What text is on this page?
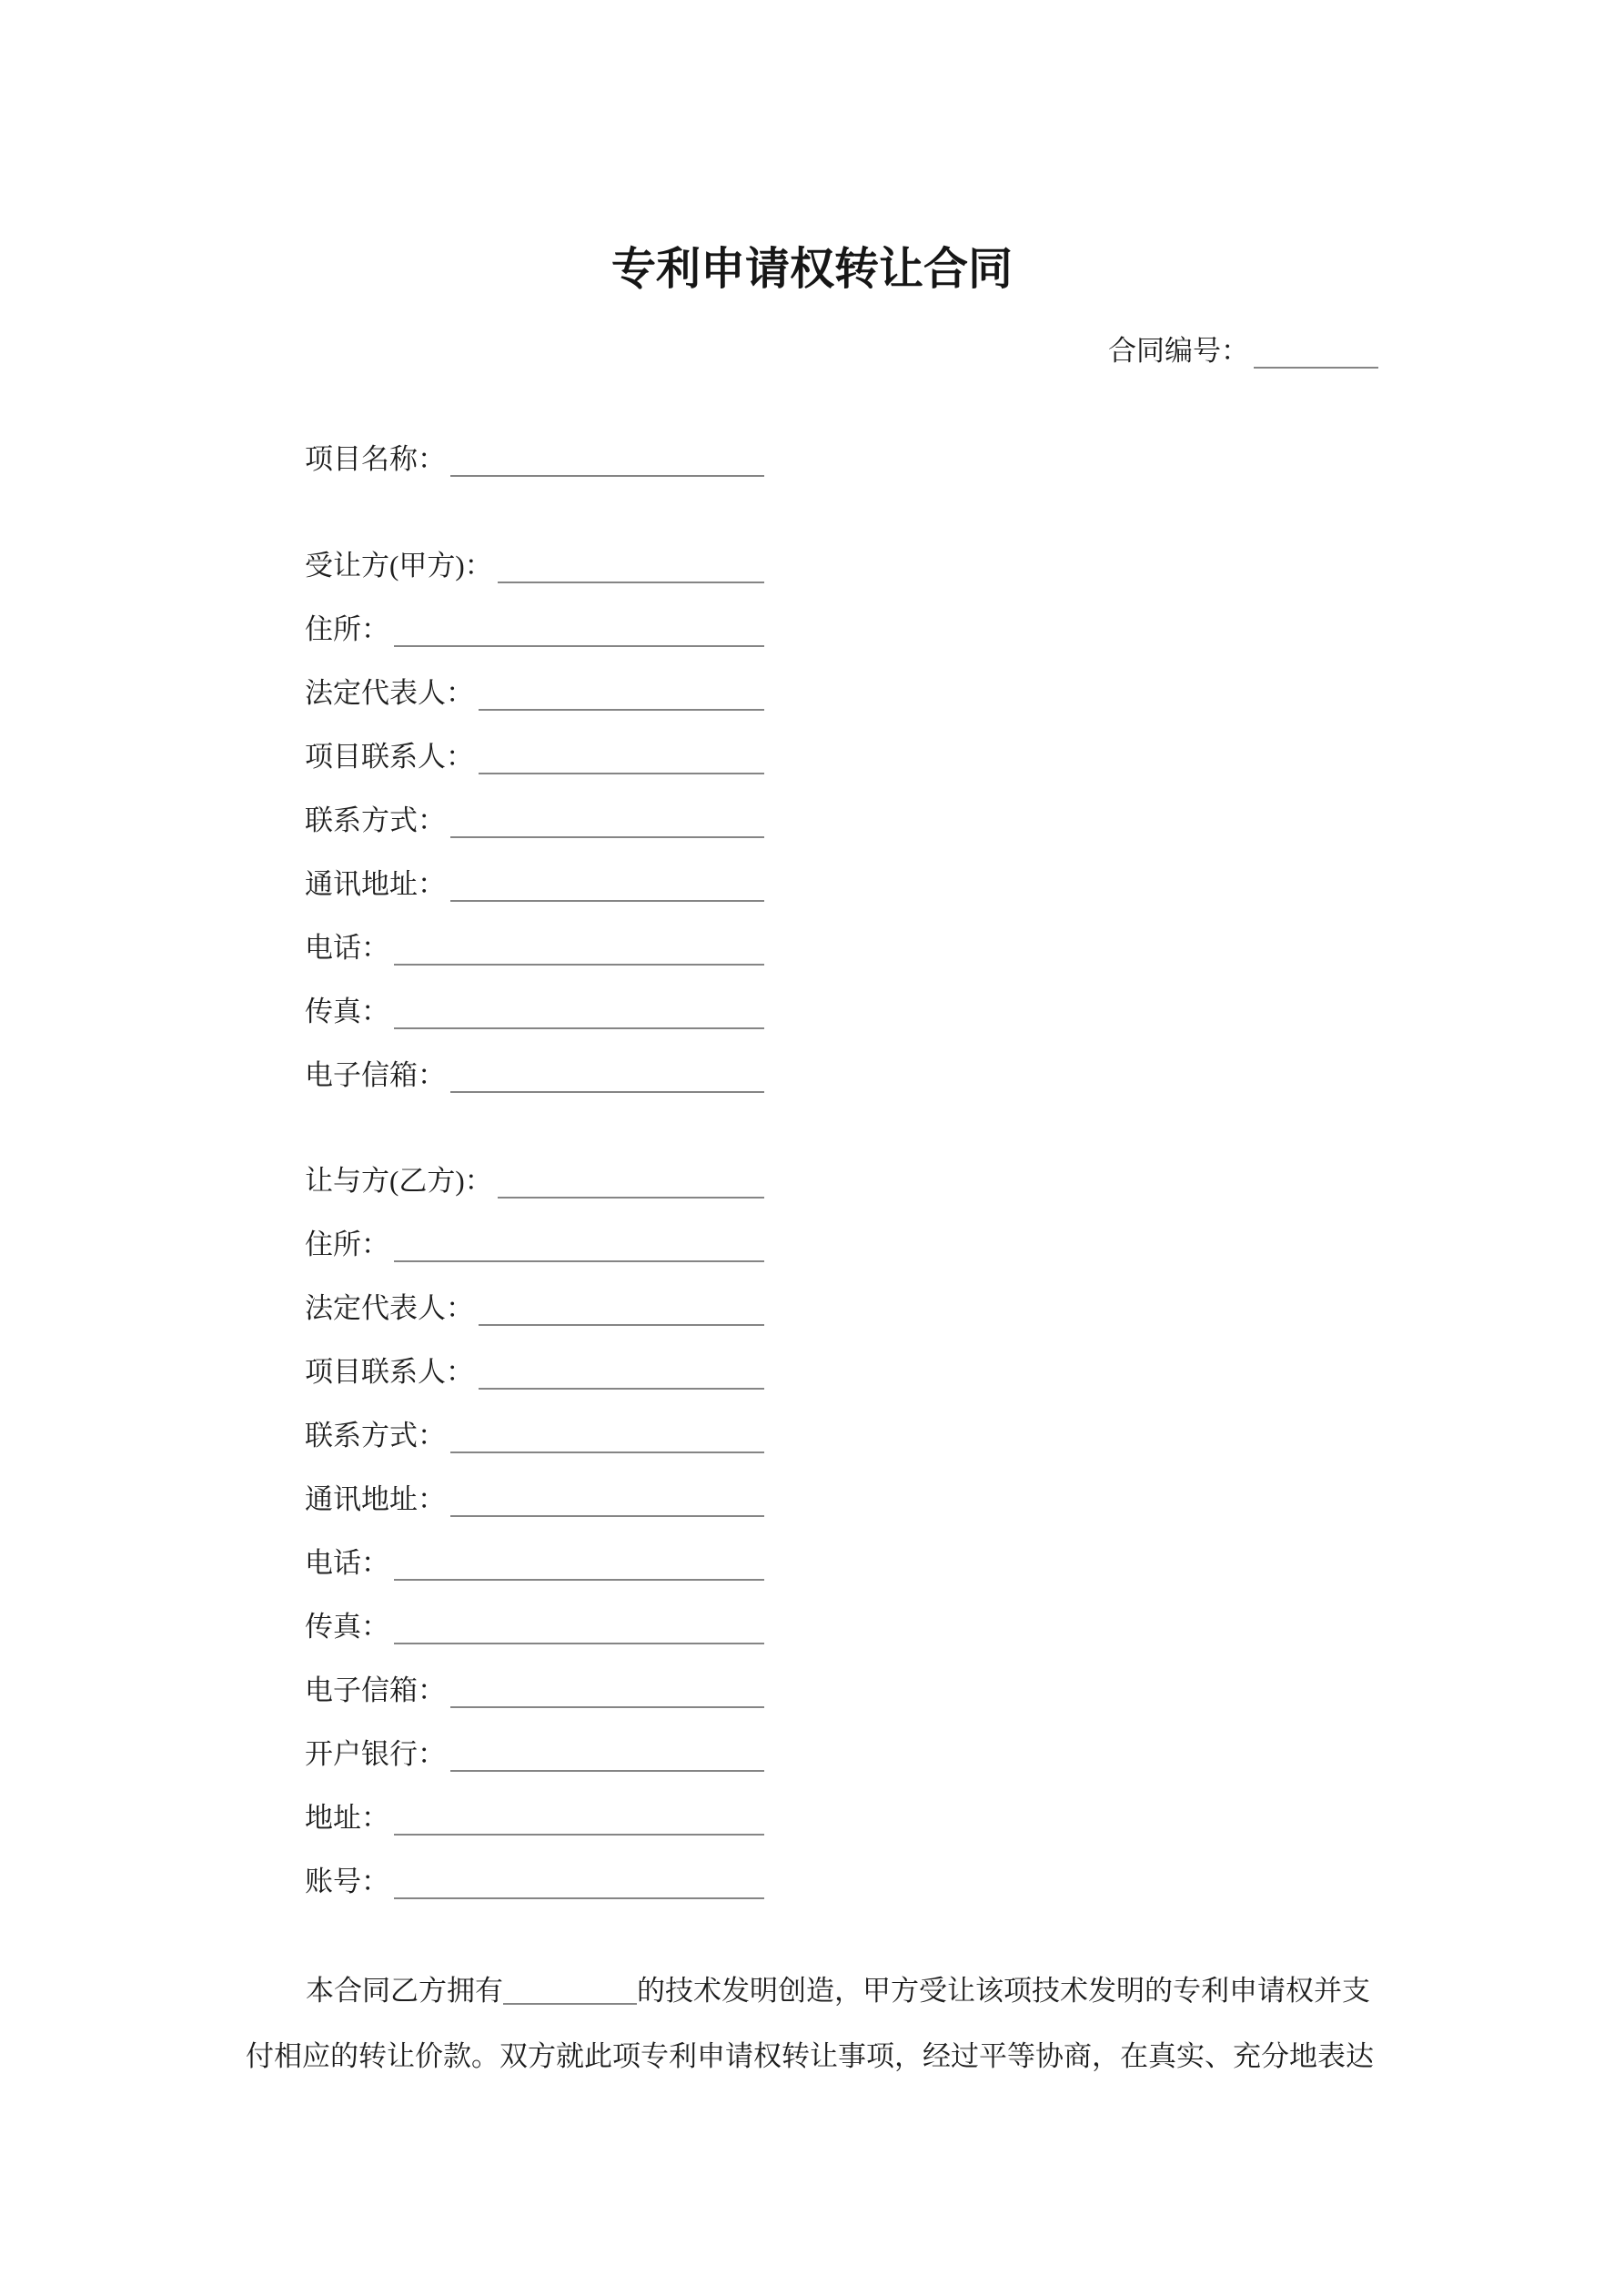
专利申请权转让合同
合同编号：
项目名称：
受让方(甲方)：
住所：
法定代表人：
项目联系人：
联系方式：
通讯地址：
电话：
传真：
电子信箱：
让与方(乙方)：
住所：
法定代表人：
项目联系人：
联系方式：
通讯地址：
电话：
传真：
电子信箱：
开户银行：
地址：
账号：
本合同乙方拥有	的技术发明创造，甲方受让该项技术发明的专利申请权并支
付相应的转让价款。双方就此项专利申请权转让事项，经过平等协商，在真实、充分地表达
